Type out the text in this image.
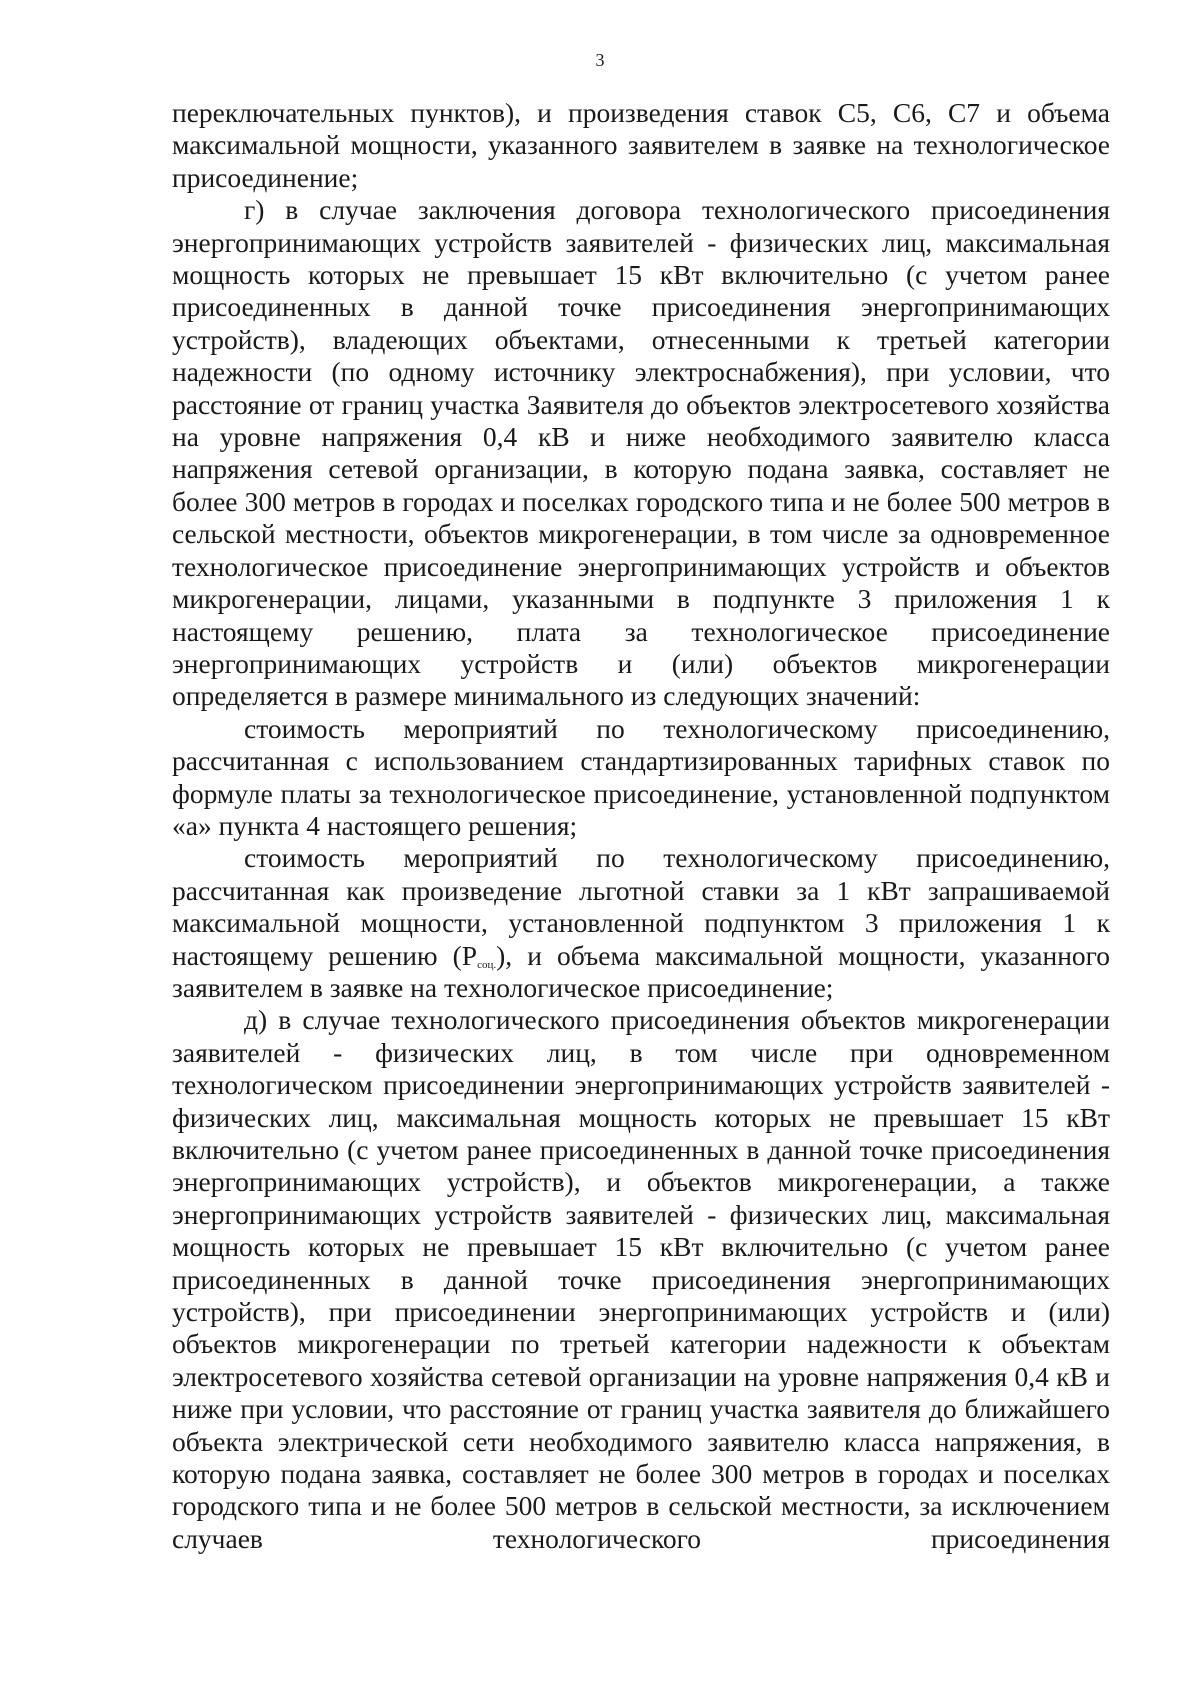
3

переключательных пунктов), и произведения ставок С5, С6, С7 и объема максимальной мощности, указанного заявителем в заявке на технологическое присоединение;

г) в случае заключения договора технологического присоединения энергопринимающих устройств заявителей - физических лиц, максимальная мощность которых не превышает 15 кВт включительно (с учетом ранее присоединенных в данной точке присоединения энергопринимающих устройств), владеющих объектами, отнесенными к третьей категории надежности (по одному источнику электроснабжения), при условии, что расстояние от границ участка Заявителя до объектов электросетевого хозяйства на уровне напряжения 0,4 кВ и ниже необходимого заявителю класса напряжения сетевой организации, в которую подана заявка, составляет не более 300 метров в городах и поселках городского типа и не более 500 метров в сельской местности, объектов микрогенерации, в том числе за одновременное технологическое присоединение энергопринимающих устройств и объектов микрогенерации, лицами, указанными в подпункте 3 приложения 1 к настоящему решению, плата за технологическое присоединение энергопринимающих устройств и (или) объектов микрогенерации определяется в размере минимального из следующих значений:

стоимость мероприятий по технологическому присоединению, рассчитанная с использованием стандартизированных тарифных ставок по формуле платы за технологическое присоединение, установленной подпунктом «а» пункта 4 настоящего решения;

стоимость мероприятий по технологическому присоединению, рассчитанная как произведение льготной ставки за 1 кВт запрашиваемой максимальной мощности, установленной подпунктом 3 приложения 1 к настоящему решению $(Р_{соц.})$, и объема максимальной мощности, указанного заявителем в заявке на технологическое присоединение;

д) в случае технологического присоединения объектов микрогенерации заявителей - физических лиц, в том числе при одновременном технологическом присоединении энергопринимающих устройств заявителей - физических лиц, максимальная мощность которых не превышает 15 кВт включительно (с учетом ранее присоединенных в данной точке присоединения энергопринимающих устройств), и объектов микрогенерации, а также энергопринимающих устройств заявителей - физических лиц, максимальная мощность которых не превышает 15 кВт включительно (с учетом ранее присоединенных в данной точке присоединения энергопринимающих устройств), при присоединении энергопринимающих устройств и (или) объектов микрогенерации по третьей категории надежности к объектам электросетевого хозяйства сетевой организации на уровне напряжения 0,4 кВ и ниже при условии, что расстояние от границ участка заявителя до ближайшего объекта электрической сети необходимого заявителю класса напряжения, в которую подана заявка, составляет не более 300 метров в городах и поселках городского типа и не более 500 метров в сельской местности, за исключением случаев технологического присоединения
